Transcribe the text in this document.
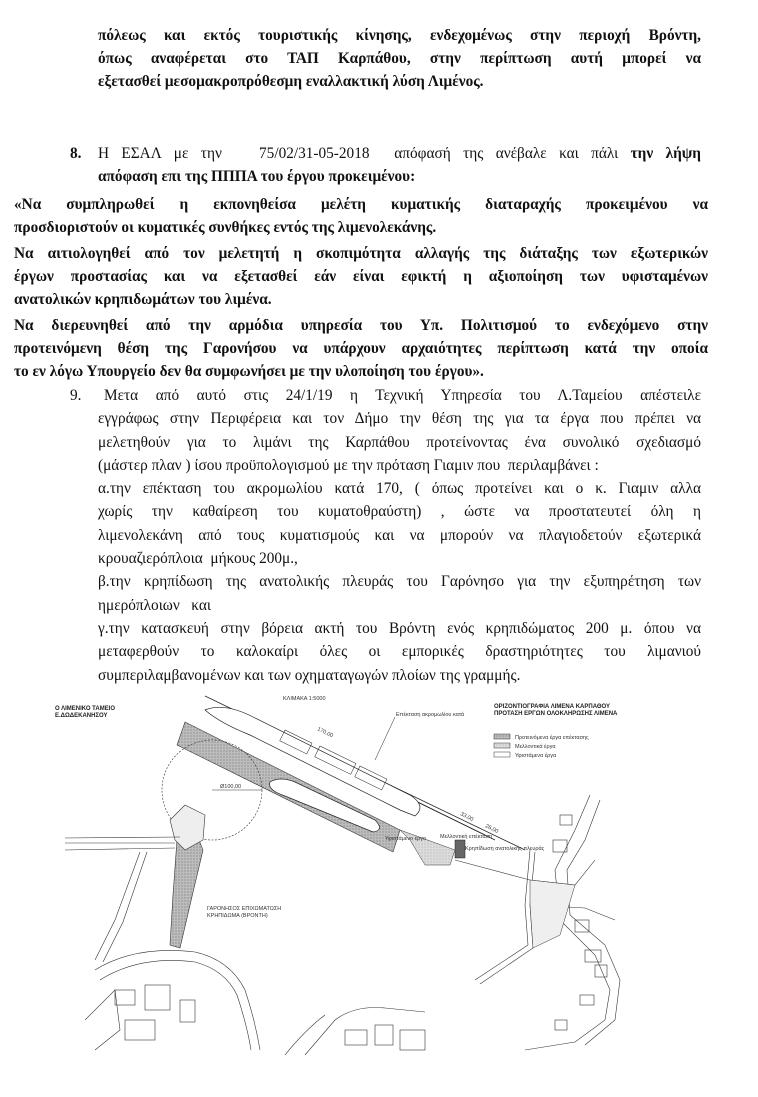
πόλεως και εκτός τουριστικής κίνησης, ενδεχομένως στην περιοχή Βρόντη,
όπως αναφέρεται στο ΤΑΠ Καρπάθου, στην περίπτωση αυτή μπορεί να
εξετασθεί μεσομακροπρόθεσμη εναλλακτική λύση Λιμένος.
8. Η ΕΣΑΛ με την   75/02/31-05-2018  απόφασή της ανέβαλε και πάλι την λήψη
απόφαση επι της ΠΠΠΑ του έργου προκειμένου:
«Να συμπληρωθεί η εκπονηθείσα μελέτη κυματικής διαταραχής προκειμένου να
προσδιοριστούν οι κυματικές συνθήκες εντός της λιμενολεκάνης.
Να αιτιολογηθεί από τον μελετητή η σκοπιμότητα αλλαγής της διάταξης των εξωτερικών
έργων προστασίας και να εξετασθεί εάν είναι εφικτή η αξιοποίηση των υφισταμένων
ανατολικών κρηπιδωμάτων του λιμένα.
Να διερευνηθεί από την αρμόδια υπηρεσία του Υπ. Πολιτισμού το ενδεχόμενο στην
προτεινόμενη θέση της Γαρονήσου να υπάρχουν αρχαιότητες περίπτωση κατά την οποία
το εν λόγω Υπουργείο δεν θα συμφωνήσει με την υλοποίηση του έργου».
9.	Μετα από αυτό στις 24/1/19 η Τεχνική Υπηρεσία του Λ.Ταμείου απέστειλε
εγγράφως στην Περιφέρεια και τον Δήμο την θέση της για τα έργα που πρέπει να
μελετηθούν για το λιμάνι της Καρπάθου προτείνοντας ένα συνολικό σχεδιασμό
(μάστερ πλαν ) ίσου προϋπολογισμού με την πρόταση Γιαμιν που  περιλαμβάνει :
α.την επέκταση του ακρομωλίου κατά 170, ( όπως προτείνει και ο κ. Γιαμιν αλλα
χωρίς την καθαίρεση του κυματοθραύστη) , ώστε να προστατευτεί όλη η
λιμενολεκάνη από τους κυματισμούς και να μπορούν να πλαγιοδετούν εξωτερικά
κρουαζιερόπλοια  μήκους 200μ.,
β.την κρηπίδωση της ανατολικής πλευράς του Γαρόνησο για την εξυπηρέτηση των
ημερόπλοιων   και
γ.την κατασκευή στην βόρεια ακτή του Βρόντη ενός κρηπιδώματος 200 μ. όπου να
μεταφερθούν το καλοκαίρι όλες οι εμπορικές δραστηριότητες του λιμανιού
συμπεριλαμβανομένων και των οχηματαγωγών πλοίων της γραμμής.
Ο ΛΙΜΕΝΙΚΟ ΤΑΜΕΙΟ
Ε.ΔΩΔΕΚΑΝΗΣΟΥ
ΚΛΙΜΑΚΑ 1:5000
ΟΡΙΖΟΝΤΙΟΓΡΑΦΙΑ ΛΙΜΕΝΑ ΚΑΡΠΑΘΟΥ
ΠΡΟΤΑΣΗ ΕΡΓΩΝ ΟΛΟΚΛΗΡΩΣΗΣ ΛΙΜΕΝΑ
Προτεινόμενα έργα επέκτασης
Μελλοντικά έργα
Υφιστάμενα έργα
170,00
33,00
26,00
Επέκταση ακρομωλίου κατά
Μελλοντική επέκταση
Κρηπίδωση ανατολικής πλευράς
Ø100,00
ΓΑΡΟΝΗΣΟΣ ΕΠΙΧΩΜΑΤΩΣΗ
ΚΡΗΠΙΔΩΜΑ (ΒΡΟΝΤΗ)
Υφιστάμενο έργο
